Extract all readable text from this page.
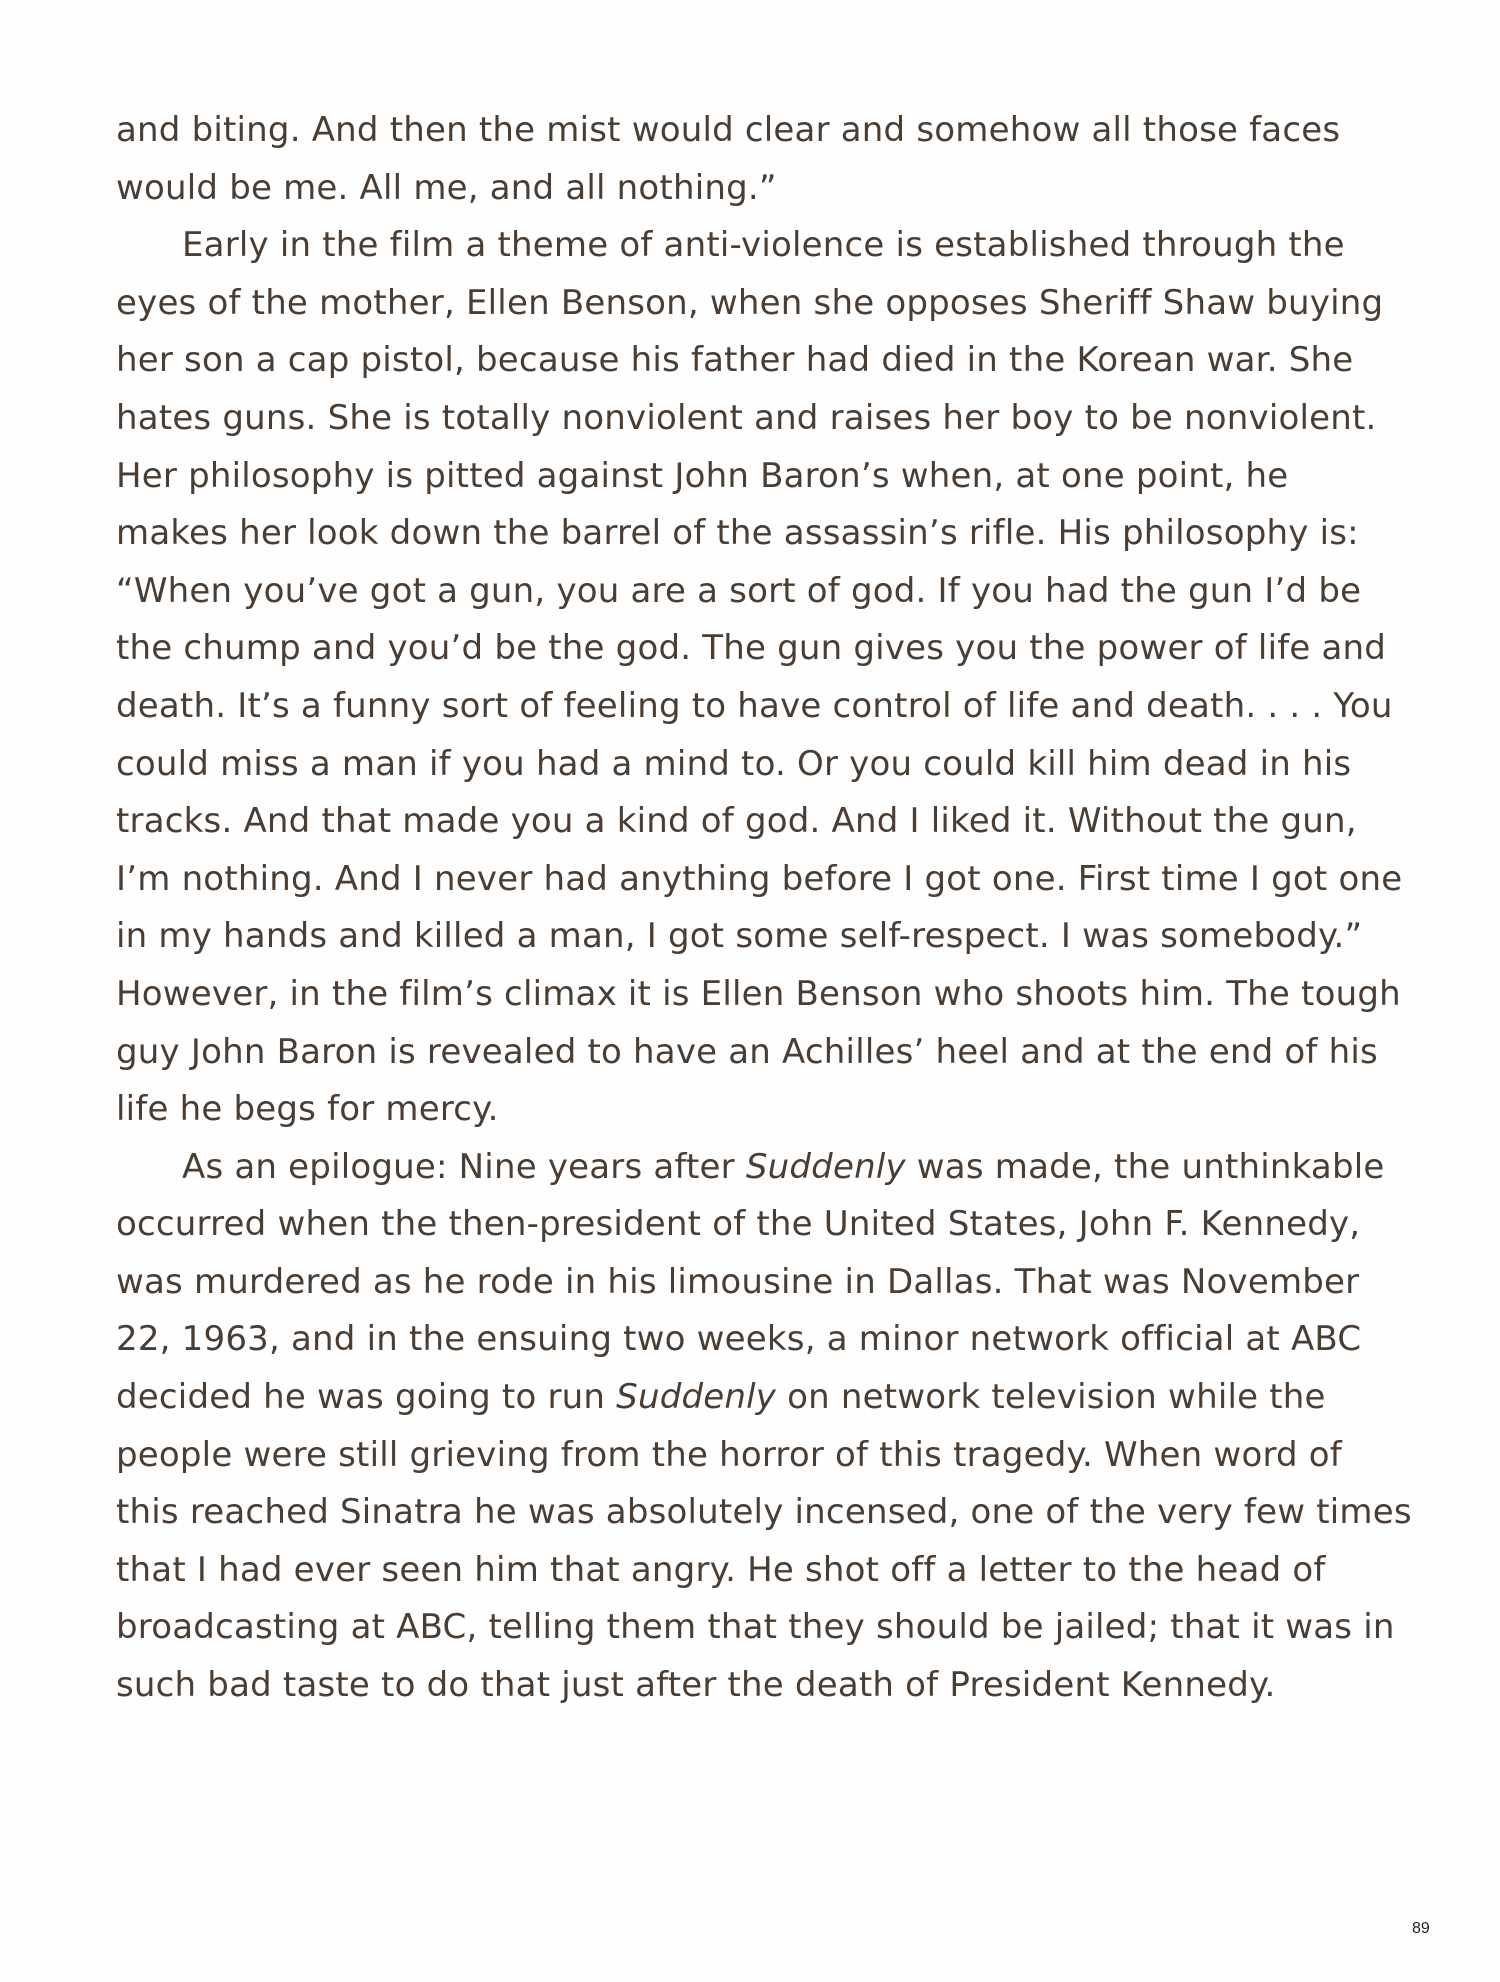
and biting. And then the mist would clear and somehow all those faces
would be me. All me, and all nothing.”
Early in the film a theme of anti-violence is established through the
eyes of the mother, Ellen Benson, when she opposes Sheriff Shaw buying
her son a cap pistol, because his father had died in the Korean war. She
hates guns. She is totally nonviolent and raises her boy to be nonviolent.
Her philosophy is pitted against John Baron’s when, at one point, he
makes her look down the barrel of the assassin’s rifle. His philosophy is:
“When you’ve got a gun, you are a sort of god. If you had the gun I’d be
the chump and you’d be the god. The gun gives you the power of life and
death. It’s a funny sort of feeling to have control of life and death. . . . You
could miss a man if you had a mind to. Or you could kill him dead in his
tracks. And that made you a kind of god. And I liked it. Without the gun,
I’m nothing. And I never had anything before I got one. First time I got one
in my hands and killed a man, I got some self-respect. I was somebody.”
However, in the film’s climax it is Ellen Benson who shoots him. The tough
guy John Baron is revealed to have an Achilles’ heel and at the end of his
life he begs for mercy.
As an epilogue: Nine years after Suddenly was made, the unthinkable
occurred when the then-president of the United States, John F. Kennedy,
was murdered as he rode in his limousine in Dallas. That was November
22, 1963, and in the ensuing two weeks, a minor network official at ABC
decided he was going to run Suddenly on network television while the
people were still grieving from the horror of this tragedy. When word of
this reached Sinatra he was absolutely incensed, one of the very few times
that I had ever seen him that angry. He shot off a letter to the head of
broadcasting at ABC, telling them that they should be jailed; that it was in
such bad taste to do that just after the death of President Kennedy.
89
